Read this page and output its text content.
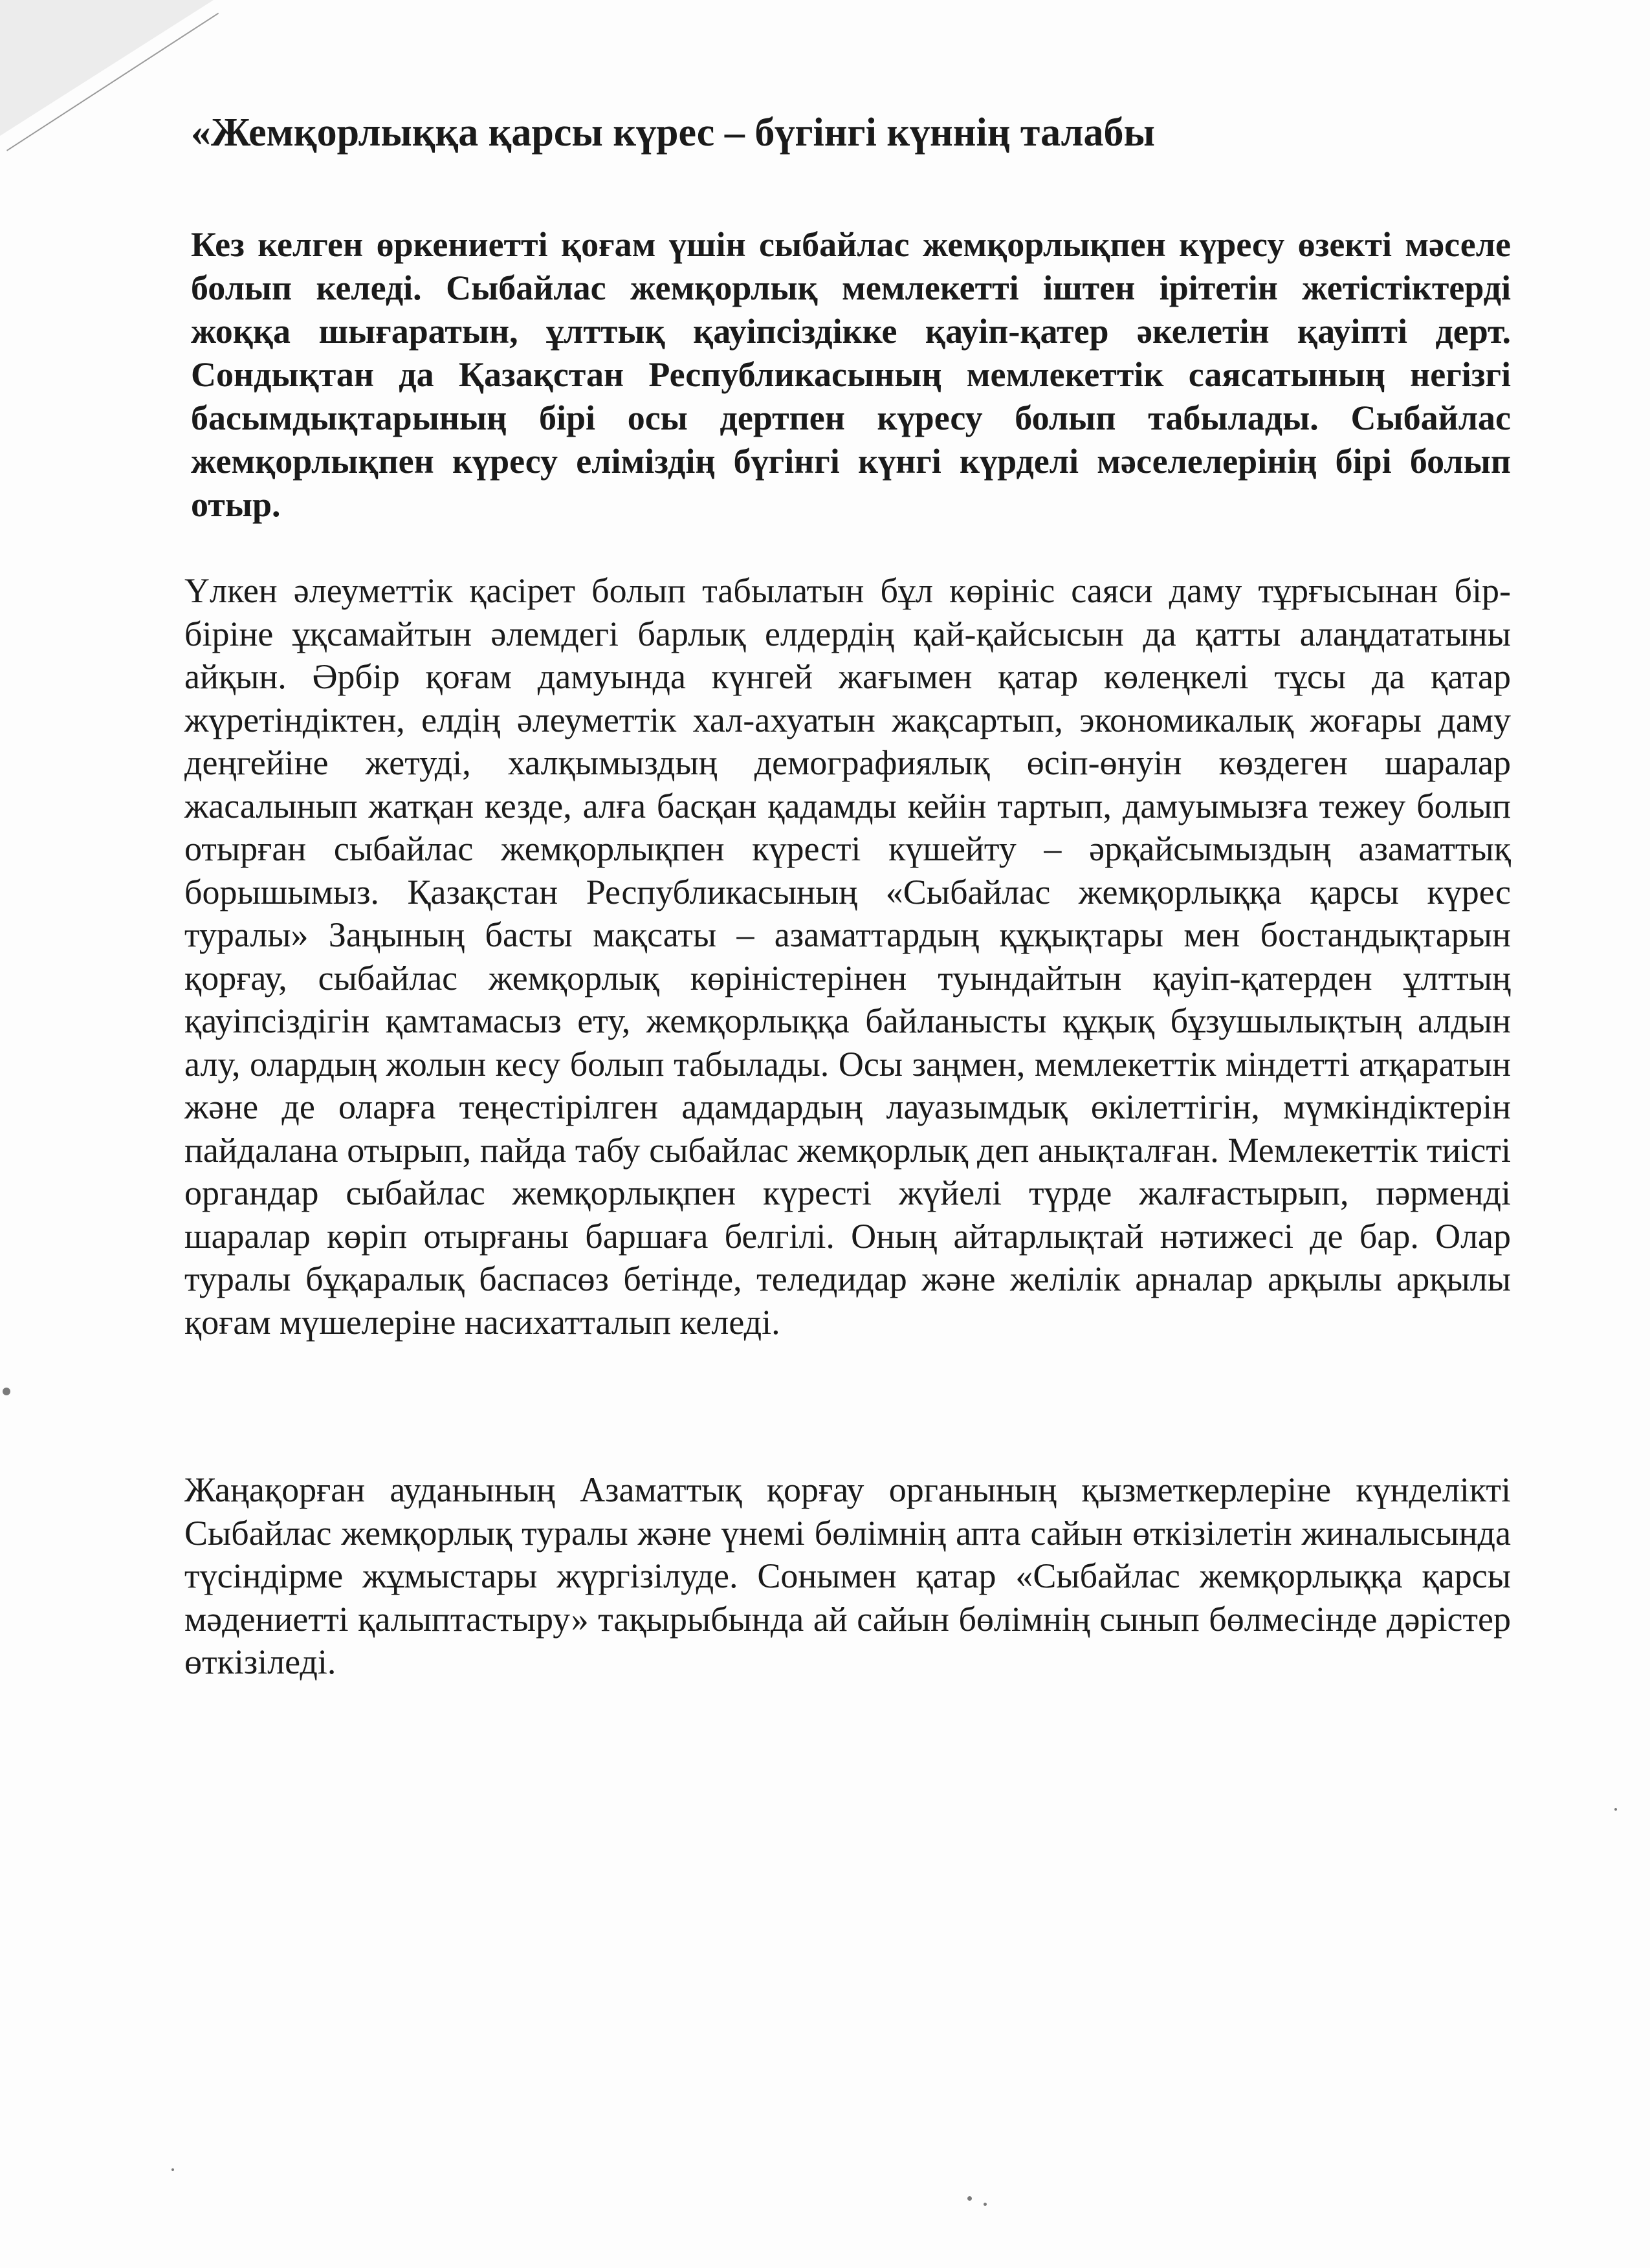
«Жемқорлыққа қарсы күрес – бүгінгі күннің талабы

Кез келген өркениетті қоғам үшін сыбайлас жемқорлықпен күресу өзекті мәселе болып келеді. Сыбайлас жемқорлық мемлекетті іштен ірітетін жетістіктерді жоққа шығаратын, ұлттық қауіпсіздікке қауіп-қатер әкелетін қауіпті дерт. Сондықтан да Қазақстан Республикасының мемлекеттік саясатының негізгі басымдықтарының бірі осы дертпен күресу болып табылады. Сыбайлас жемқорлықпен күресу еліміздің бүгінгі күнгі күрделі мәселелерінің бірі болып отыр.

Үлкен әлеуметтік қасірет болып табылатын бұл көрініс саяси даму тұрғысынан бір-біріне ұқсамайтын әлемдегі барлық елдердің қай-қайсысын да қатты алаңдататыны айқын. Әрбір қоғам дамуында күнгей жағымен қатар көлеңкелі тұсы да қатар жүретіндіктен, елдің әлеуметтік хал-ахуатын жақсартып, экономикалық жоғары даму деңгейіне жетуді, халқымыздың демографиялық өсіп-өнуін көздеген шаралар жасалынып жатқан кезде, алға басқан қадамды кейін тартып, дамуымызға тежеу болып отырған сыбайлас жемқорлықпен күресті күшейту – әрқайсымыздың азаматтық борышымыз. Қазақстан Республикасының «Сыбайлас жемқорлыққа қарсы күрес туралы» Заңының басты мақсаты – азаматтардың құқықтары мен бостандықтарын қорғау, сыбайлас жемқорлық көріністерінен туындайтын қауіп-қатерден ұлттың қауіпсіздігін қамтамасыз ету, жемқорлыққа байланысты құқық бұзушылықтың алдын алу, олардың жолын кесу болып табылады. Осы заңмен, мемлекеттік міндетті атқаратын және де оларға теңестірілген адамдардың лауазымдық өкілеттігін, мүмкіндіктерін пайдалана отырып, пайда табу сыбайлас жемқорлық деп анықталған. Мемлекеттік тиісті органдар сыбайлас жемқорлықпен күресті жүйелі түрде жалғастырып, пәрменді шаралар көріп отырғаны баршаға белгілі. Оның айтарлықтай нәтижесі де бар. Олар туралы бұқаралық баспасөз бетінде, теледидар және желілік арналар арқылы арқылы қоғам мүшелеріне насихатталып келеді.

Жаңақорған ауданының Азаматтық қорғау органының қызметкерлеріне күнделікті Сыбайлас жемқорлық туралы және үнемі бөлімнің апта сайын өткізілетін жиналысында түсіндірме жұмыстары жүргізілуде. Сонымен қатар «Сыбайлас жемқорлыққа қарсы мәдениетті қалыптастыру» тақырыбында ай сайын бөлімнің сынып бөлмесінде дәрістер өткізіледі.
